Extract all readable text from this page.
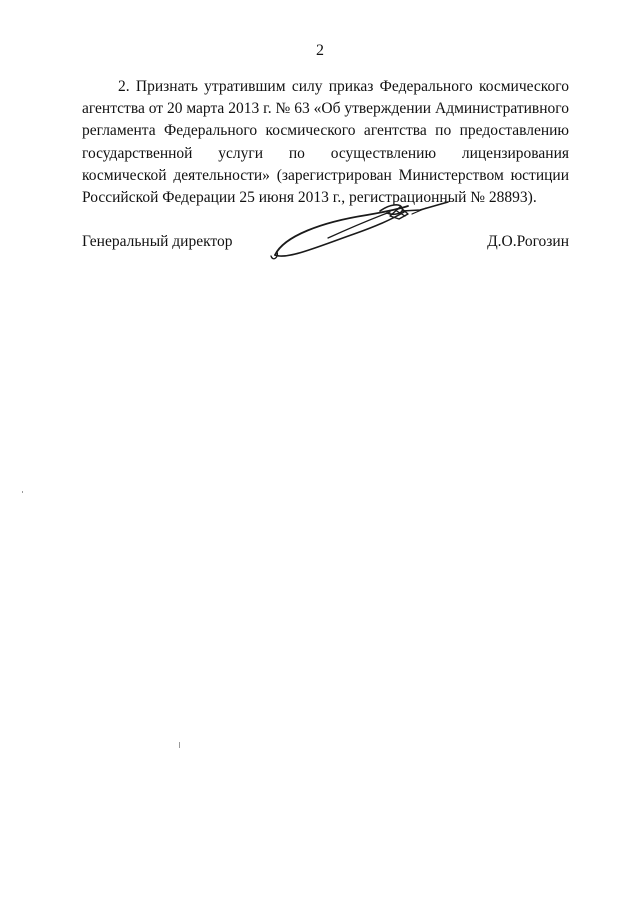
2

2. Признать утратившим силу приказ Федерального космического агентства от 20 марта 2013 г. № 63 «Об утверждении Административного регламента Федерального космического агентства по предоставлению государственной услуги по осуществлению лицензирования космической деятельности» (зарегистрирован Министерством юстиции Российской Федерации 25 июня 2013 г., регистрационный № 28893).

Генеральный директор	Д.О.Рогозин
